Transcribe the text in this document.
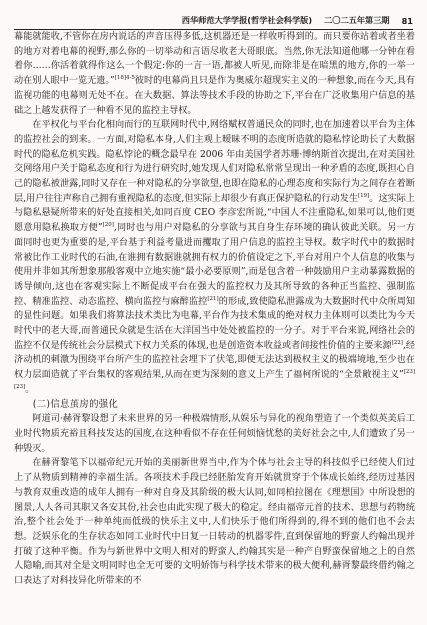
西华师范大学学报(哲学社会科学版) 二〇二五年第三期 81

幕能就能收,不管你在房内说话的声音压得多低,这机器还是一样收听得到的。而只要你站着或者坐着的地方对着电幕的视野,那么你的一切举动和言语尽收老大哥眼底。当然,你无法知道他哪一分钟在看着你……你活着就得作这么一个假定:你的一言一语,都被人听见,而除非是在暗黑的地方,你的一举一动在别人眼中一览无遗。”$^{[18]4-5}$彼时的电幕尚且只是作为奥威尔超现实主义的一种想象,而在今天,具有监视功能的电幕则无处不在。在大数据、算法等技术手段的协助之下,平台在广泛收集用户信息的基础之上越发获得了一种看不见的监控主导权。

在平权化与平台化相向而行的互联网时代中,网络赋权普通民众的同时,也在加速着以平台为主体的监控社会的到来。一方面,对隐私本身,人们主观上暧昧不明的态度所造就的隐私悖论助长了大数据时代的隐私危机实践。隐私悖论的概念最早在 2006 年由美国学者苏珊·博纳斯首次提出,在对美国社交网络用户关于隐私态度和行为进行研究时,她发现人们对隐私常常呈现出一种矛盾的态度,既担心自己的隐私被泄露,同时又存在一种对隐私的分享欲望,也即在隐私的心理态度和实际行为之间存在着断层,用户往往声称自己拥有重视隐私的态度,但实际上却很少有真正保护隐私的行动发生[19]。这实际上与隐私悬疑所带来的好处直接相关,如同百度 CEO 李彦宏所说,“中国人不注重隐私,如果可以,他们更愿意用隐私换取方便”[20],同时也与用户对隐私的分享欲与其自身生存环境的确认彼此关联。另一方面同时也更为重要的是,平台基于利益考量进而攫取了用户信息的监控主导权。数字时代中的数据时常被比作工业时代的石油,在谁拥有数据谁就拥有权力的价值设定之下,平台对用户个人信息的收集与使用并非如其所想象那般客观中立地实施“最小必要原则”,而是包含着一种鼓励用户主动暴露数据的诱导倾向,这也在客观实际上不断促成平台在强大的监控权力及其所导致的各种正当监控、强制监控、精准监控、动态监控、横向监控与麻醉监控[21]的形成,致使隐私泄露成为大数据时代中众所周知的显性问题。如果我们将算法技术类比为电幕,平台作为技术集成的绝对权力主体则可以类比为今天时代中的老大哥,而普通民众就是生活在大洋国当中处处被监控的一分子。对于平台来说,网络社会的监控不仅是传统社会分层模式下权力关系的体现,也是创造资本收益或者间接性价值的主要来源[22],经济动机的刺激为围绕平台所产生的监控社会埋下了伏笔,即便无法达到极权主义的极端境地,至少也在权力层面造就了平台集权的客观结果,从而在更为深刻的意义上产生了福柯所说的“全景敞视主义”[23][23]。

(二)信息茧房的强化

阿道司·赫胥黎设想了未来世界的另一种极端情形,从娱乐与异化的视角塑造了一个类似英美后工业时代物质充裕且科技发达的国度,在这种看似不存在任何烦恼忧愁的美好社会之中,人们遭致了另一种毁灭。

在赫胥黎笔下以福帝纪元开始的美丽新世界当中,作为个体与社会主导的科技似乎已经使人们过上了从物质到精神的幸福生活。各项技术手段已经胚胎发育开始就贯穿于个体成长始终,经历过基因与教育双重改造的成年人拥有一种对自身及其阶级的极大认同,如同柏拉图在《理想国》中所设想的图景,人人各司其职又各安其份,社会也由此实现了极大的稳定。经由福帝元首的技术、思想与药物统治,整个社会处于一种单纯而低级的快乐主义中,人们快乐于他们所得到的,得不到的他们也不会去想。泛娱乐化的生存状态如同工业时代中日复一日转动的机器零件,直到保留地的野蛮人约翰出现并打破了这种平衡。作为与新世界中文明人相对的野蛮人,约翰其实是一种产自野蛮保留地之上的自然人隐喻,而其对全是文明同时也全无可要的文明娇饰与科学技术带来的极大便利,赫胥黎最终借约翰之口表达了对科技异化所带来的不
